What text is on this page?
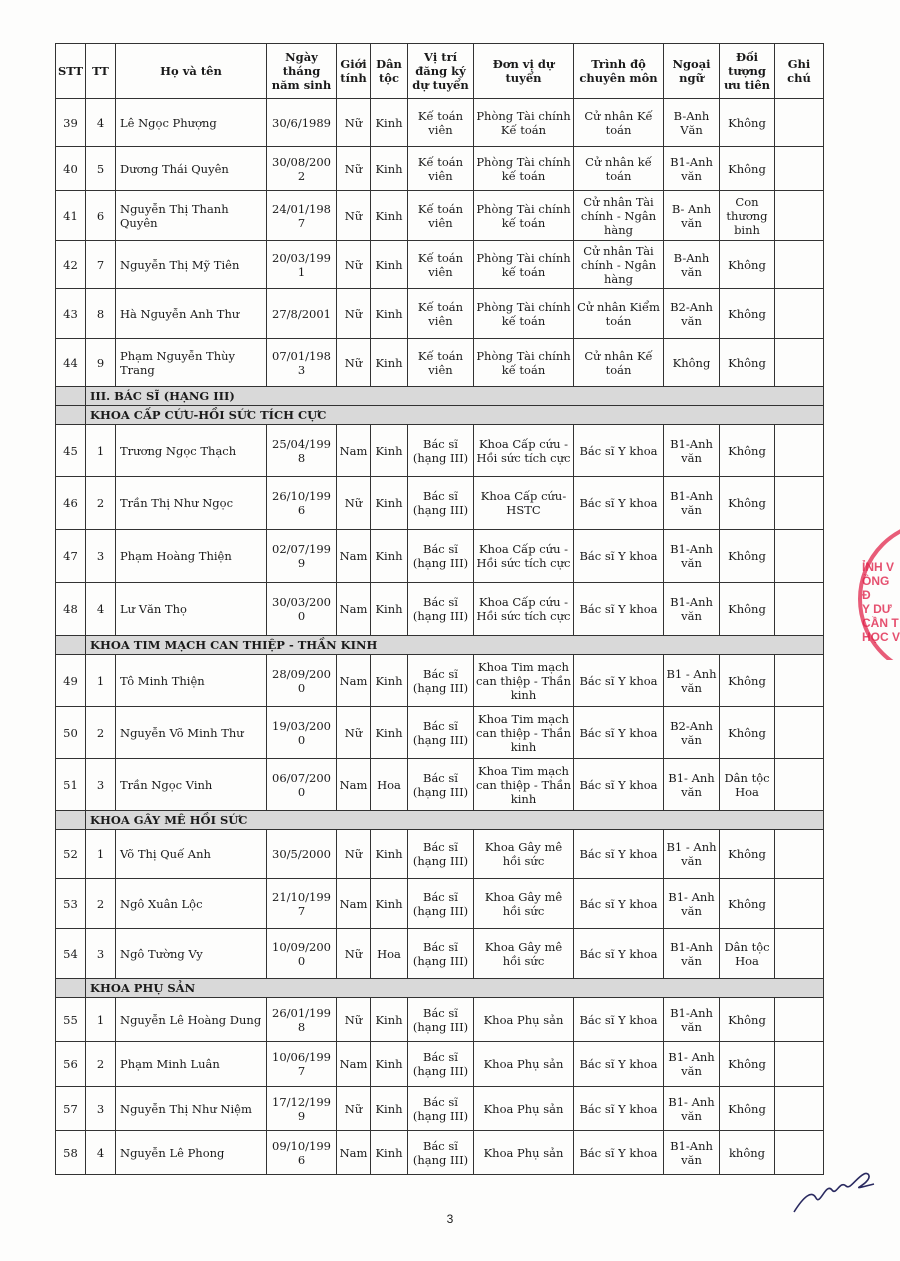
STT	TT	Họ và tên	Ngày tháng năm sinh	Giới tính	Dân tộc	Vị trí đăng ký dự tuyển	Đơn vị dự tuyển	Trình độ chuyên môn	Ngoại ngữ	Đối tượng ưu tiên	Ghi chú
39	4	Lê Ngọc Phượng	30/6/1989	Nữ	Kinh	Kế toán viên	Phòng Tài chính Kế toán	Cử nhân Kế toán	B-Anh Văn	Không	
40	5	Dương Thái Quyên	30/08/2002	Nữ	Kinh	Kế toán viên	Phòng Tài chính kế toán	Cử nhân kế toán	B1-Anh văn	Không	
41	6	Nguyễn Thị Thanh Quyên	24/01/1987	Nữ	Kinh	Kế toán viên	Phòng Tài chính kế toán	Cử nhân Tài chính - Ngân hàng	B- Anh văn	Con thương binh	
42	7	Nguyễn Thị Mỹ Tiên	20/03/1991	Nữ	Kinh	Kế toán viên	Phòng Tài chính kế toán	Cử nhân Tài chính - Ngân hàng	B-Anh văn	Không	
43	8	Hà Nguyễn Anh Thư	27/8/2001	Nữ	Kinh	Kế toán viên	Phòng Tài chính kế toán	Cử nhân Kiểm toán	B2-Anh văn	Không	
44	9	Phạm Nguyễn Thùy Trang	07/01/1983	Nữ	Kinh	Kế toán viên	Phòng Tài chính kế toán	Cử nhân Kế toán	Không	Không	
	III. BÁC SĨ (HẠNG III)										
	KHOA CẤP CỨU-HỒI SỨC TÍCH CỰC										
45	1	Trương Ngọc Thạch	25/04/1998	Nam	Kinh	Bác sĩ (hạng III)	Khoa Cấp cứu - Hồi sức tích cực	Bác sĩ Y khoa	B1-Anh văn	Không	
46	2	Trần Thị Như Ngọc	26/10/1996	Nữ	Kinh	Bác sĩ (hạng III)	Khoa Cấp cứu- HSTC	Bác sĩ Y khoa	B1-Anh văn	Không	
47	3	Phạm Hoàng Thiện	02/07/1999	Nam	Kinh	Bác sĩ (hạng III)	Khoa Cấp cứu - Hồi sức tích cực	Bác sĩ Y khoa	B1-Anh văn	Không	
48	4	Lư Văn Thọ	30/03/2000	Nam	Kinh	Bác sĩ (hạng III)	Khoa Cấp cứu - Hồi sức tích cực	Bác sĩ Y khoa	B1-Anh văn	Không	
	KHOA TIM MẠCH CAN THIỆP - THẦN KINH										
49	1	Tô Minh Thiện	28/09/2000	Nam	Kinh	Bác sĩ (hạng III)	Khoa Tim mạch can thiệp - Thần kinh	Bác sĩ Y khoa	B1 - Anh văn	Không	
50	2	Nguyễn Võ Minh Thư	19/03/2000	Nữ	Kinh	Bác sĩ (hạng III)	Khoa Tim mạch can thiệp - Thần kinh	Bác sĩ Y khoa	B2-Anh văn	Không	
51	3	Trần Ngọc Vinh	06/07/2000	Nam	Hoa	Bác sĩ (hạng III)	Khoa Tim mạch can thiệp - Thần kinh	Bác sĩ Y khoa	B1- Anh văn	Dân tộc Hoa	
	KHOA GÂY MÊ HỒI SỨC										
52	1	Võ Thị Quế Anh	30/5/2000	Nữ	Kinh	Bác sĩ (hạng III)	Khoa Gây mê hồi sức	Bác sĩ Y khoa	B1 - Anh văn	Không	
53	2	Ngô Xuân Lộc	21/10/1997	Nam	Kinh	Bác sĩ (hạng III)	Khoa Gây mê hồi sức	Bác sĩ Y khoa	B1- Anh văn	Không	
54	3	Ngô Tường Vy	10/09/2000	Nữ	Hoa	Bác sĩ (hạng III)	Khoa Gây mê hồi sức	Bác sĩ Y khoa	B1-Anh văn	Dân tộc Hoa	
	KHOA PHỤ SẢN										
55	1	Nguyễn Lê Hoàng Dung	26/01/1998	Nữ	Kinh	Bác sĩ (hạng III)	Khoa Phụ sản	Bác sĩ Y khoa	B1-Anh văn	Không	
56	2	Phạm Minh Luân	10/06/1997	Nam	Kinh	Bác sĩ (hạng III)	Khoa Phụ sản	Bác sĩ Y khoa	B1- Anh văn	Không	
57	3	Nguyễn Thị Như Niệm	17/12/1999	Nữ	Kinh	Bác sĩ (hạng III)	Khoa Phụ sản	Bác sĩ Y khoa	B1- Anh văn	Không	
58	4	Nguyễn Lê Phong	09/10/1996	Nam	Kinh	Bác sĩ (hạng III)	Khoa Phụ sản	Bác sĩ Y khoa	B1-Anh văn	không	
ỈNH V
ỒNG Đ
Y DƯ
CẦN T
HỌC V
3
